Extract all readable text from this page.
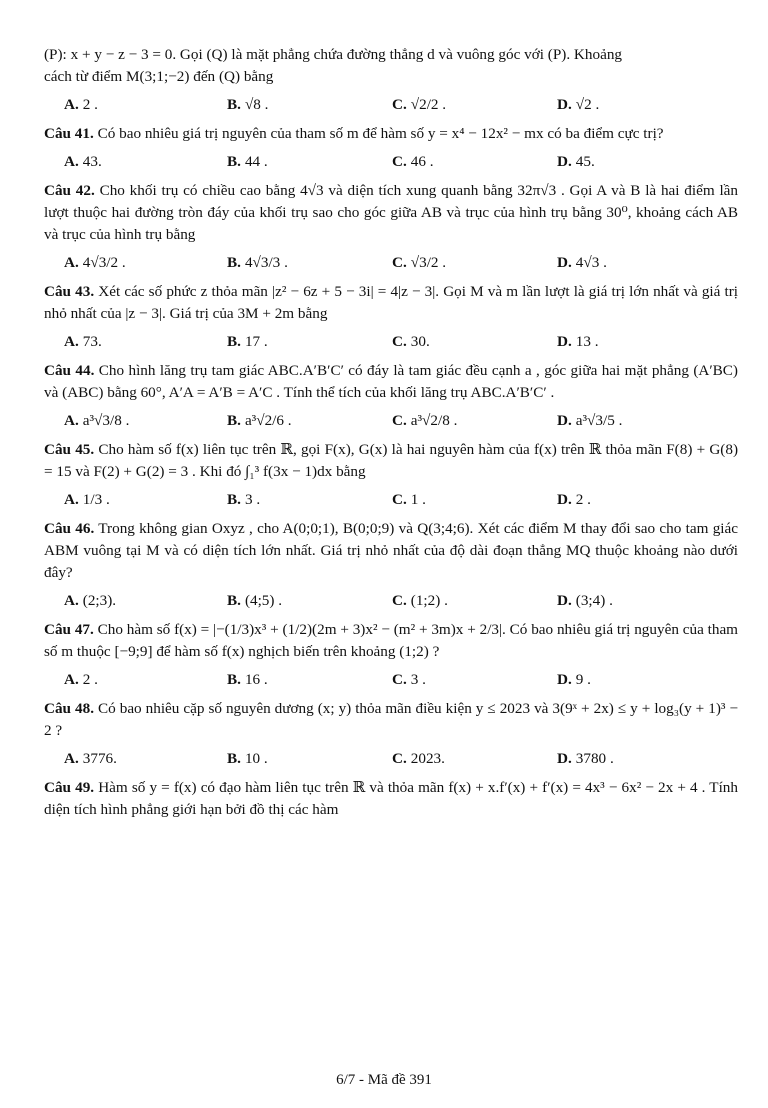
(P): x + y − z − 3 = 0. Gọi (Q) là mặt phẳng chứa đường thẳng d và vuông góc với (P). Khoảng

cách từ điểm M(3;1;−2) đến (Q) bằng

A. 2 .	B. √8 .	C. √2/2 .	D. √2 .

Câu 41. Có bao nhiêu giá trị nguyên của tham số m để hàm số y = x⁴ − 12x² − mx có ba điểm cực trị?

A. 43.	B. 44 .	C. 46 .	D. 45.

Câu 42. Cho khối trụ có chiều cao bằng 4√3 và diện tích xung quanh bằng 32π√3 . Gọi A và B là hai điểm lần lượt thuộc hai đường tròn đáy của khối trụ sao cho góc giữa AB và trục của hình trụ bằng 30⁰, khoảng cách AB và trục của hình trụ bằng

A. 4√3/2 .	B. 4√3/3 .	C. √3/2 .	D. 4√3 .

Câu 43. Xét các số phức z thỏa mãn |z² − 6z + 5 − 3i| = 4|z − 3|. Gọi M và m lần lượt là giá trị lớn nhất và giá trị nhỏ nhất của |z − 3|. Giá trị của 3M + 2m bằng

A. 73.	B. 17 .	C. 30.	D. 13 .

Câu 44. Cho hình lăng trụ tam giác ABC.A′B′C′ có đáy là tam giác đều cạnh a , góc giữa hai mặt phẳng (A′BC) và (ABC) bằng 60°, A′A = A′B = A′C . Tính thể tích của khối lăng trụ ABC.A′B′C′ .

A. a³√3/8 .	B. a³√2/6 .	C. a³√2/8 .	D. a³√3/5 .

Câu 45. Cho hàm số f(x) liên tục trên ℝ, gọi F(x), G(x) là hai nguyên hàm của f(x) trên ℝ thỏa mãn F(8) + G(8) = 15 và F(2) + G(2) = 3 . Khi đó ∫₁³ f(3x − 1)dx bằng

A. 1/3 .	B. 3 .	C. 1 .	D. 2 .

Câu 46. Trong không gian Oxyz , cho A(0;0;1), B(0;0;9) và Q(3;4;6). Xét các điểm M thay đổi sao cho tam giác ABM vuông tại M và có diện tích lớn nhất. Giá trị nhỏ nhất của độ dài đoạn thẳng MQ thuộc khoảng nào dưới đây?

A. (2;3).	B. (4;5) .	C. (1;2) .	D. (3;4) .

Câu 47. Cho hàm số f(x) = |−(1/3)x³ + (1/2)(2m + 3)x² − (m² + 3m)x + 2/3|. Có bao nhiêu giá trị nguyên của tham số m thuộc [−9;9] để hàm số f(x) nghịch biến trên khoảng (1;2) ?

A. 2 .	B. 16 .	C. 3 .	D. 9 .

Câu 48. Có bao nhiêu cặp số nguyên dương (x; y) thỏa mãn điều kiện y ≤ 2023 và 3(9ˣ + 2x) ≤ y + log₃(y + 1)³ − 2 ?

A. 3776.	B. 10 .	C. 2023.	D. 3780 .

Câu 49. Hàm số y = f(x) có đạo hàm liên tục trên ℝ và thỏa mãn f(x) + x.f′(x) + f′(x) = 4x³ − 6x² − 2x + 4 . Tính diện tích hình phẳng giới hạn bởi đồ thị các hàm

6/7 - Mã đề 391
